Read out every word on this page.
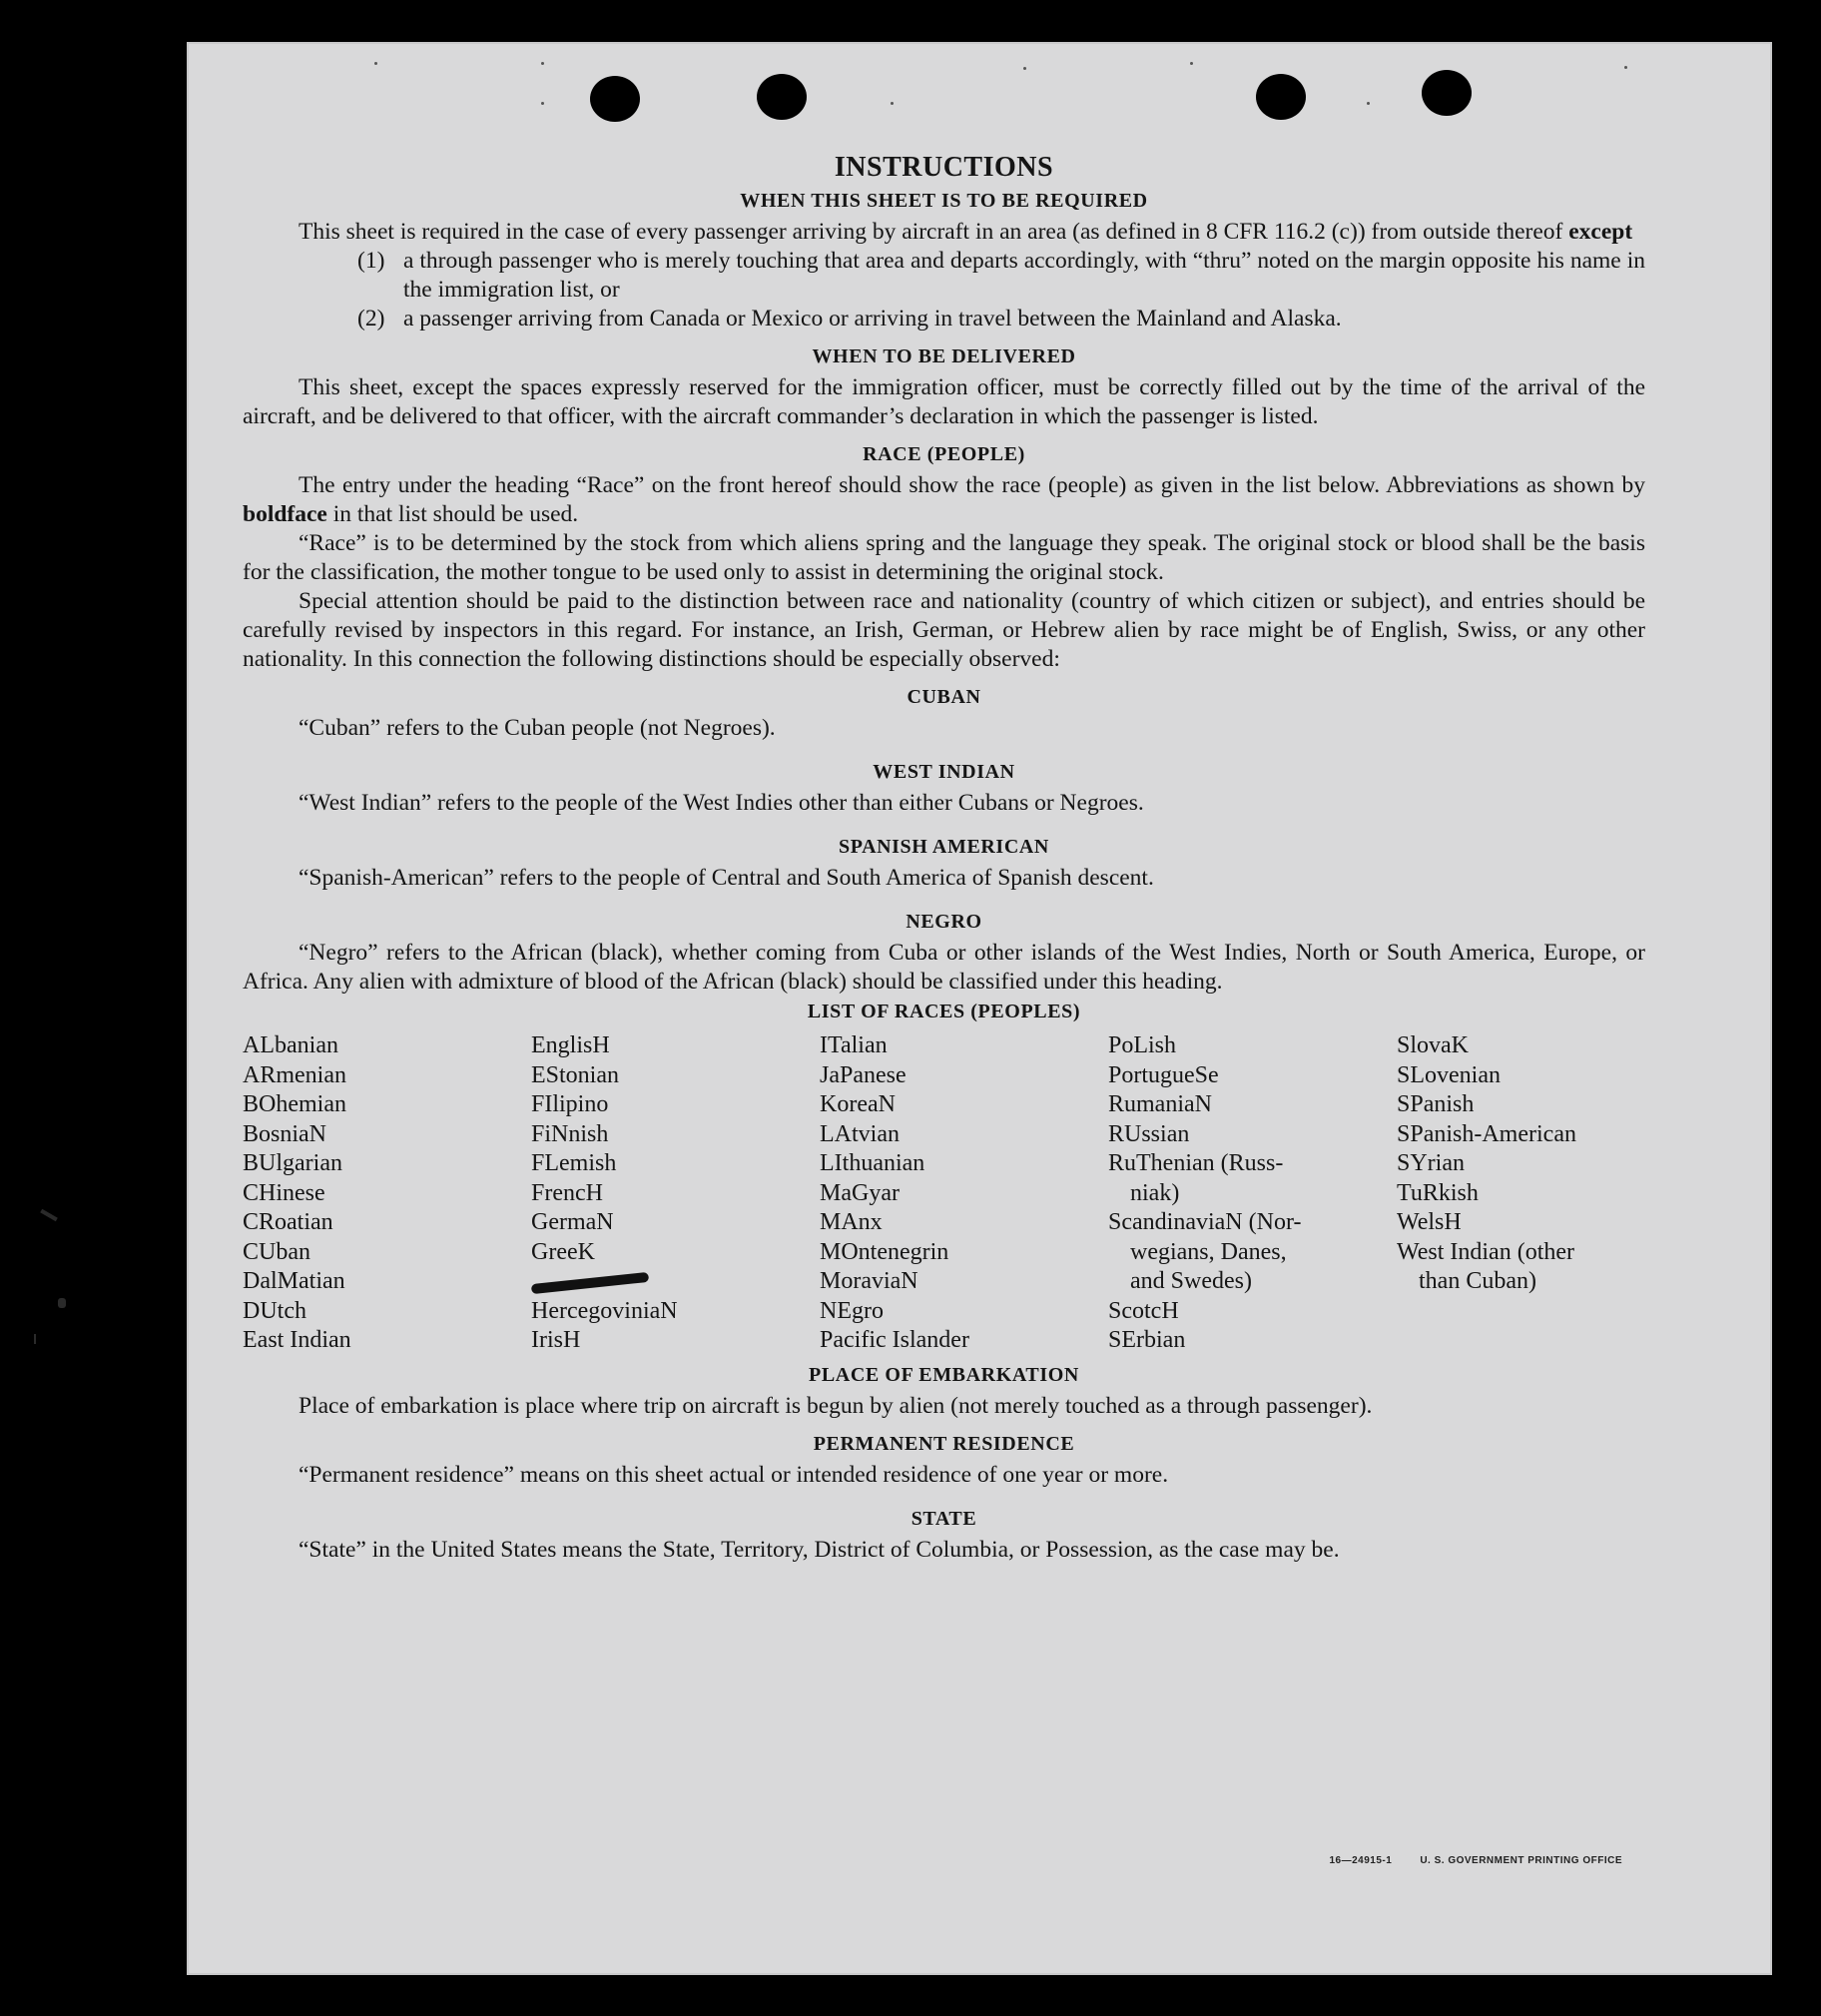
INSTRUCTIONS
WHEN THIS SHEET IS TO BE REQUIRED

This sheet is required in the case of every passenger arriving by aircraft in an area (as defined in 8 CFR 116.2 (c)) from outside thereof except

(1) a through passenger who is merely touching that area and departs accordingly, with “thru” noted on the margin opposite his name in the immigration list, or
(2) a passenger arriving from Canada or Mexico or arriving in travel between the Mainland and Alaska.
WHEN TO BE DELIVERED

This sheet, except the spaces expressly reserved for the immigration officer, must be correctly filled out by the time of the arrival of the aircraft, and be delivered to that officer, with the aircraft commander’s declaration in which the passenger is listed.

RACE (PEOPLE)

The entry under the heading “Race” on the front hereof should show the race (people) as given in the list below. Abbreviations as shown by boldface in that list should be used.

“Race” is to be determined by the stock from which aliens spring and the language they speak. The original stock or blood shall be the basis for the classification, the mother tongue to be used only to assist in determining the original stock.

Special attention should be paid to the distinction between race and nationality (country of which citizen or subject), and entries should be carefully revised by inspectors in this regard. For instance, an Irish, German, or Hebrew alien by race might be of English, Swiss, or any other nationality. In this connection the following distinctions should be especially observed:

CUBAN

“Cuban” refers to the Cuban people (not Negroes).

WEST INDIAN

“West Indian” refers to the people of the West Indies other than either Cubans or Negroes.

SPANISH AMERICAN

“Spanish-American” refers to the people of Central and South America of Spanish descent.

NEGRO

“Negro” refers to the African (black), whether coming from Cuba or other islands of the West Indies, North or South America, Europe, or Africa. Any alien with admixture of blood of the African (black) should be classified under this heading.

LIST OF RACES (PEOPLES)
ALbanian
ARmenian
BOhemian
BosniaN
BUlgarian
CHinese
CRoatian
CUban
DalMatian
DUtch
East Indian
EnglisH
EStonian
FIlipino
FiNnish
FLemish
FrencH
GermaN
GreeK
HercegoviniaN
IrisH
ITalian
JaPanese
KoreaN
LAtvian
LIthuanian
MaGyar
MAnx
MOntenegrin
MoraviaN
NEgro
Pacific Islander
PoLish
PortugueSe
RumaniaN
RUssian
RuThenian (Russ-
niak)
ScandinaviaN (Nor-
wegians, Danes,
and Swedes)
ScotcH
SErbian
SlovaK
SLovenian
SPanish
SPanish-American
SYrian
TuRkish
WelsH
West Indian (other
than Cuban)
PLACE OF EMBARKATION

Place of embarkation is place where trip on aircraft is begun by alien (not merely touched as a through passenger).

PERMANENT RESIDENCE

“Permanent residence” means on this sheet actual or intended residence of one year or more.

STATE

“State” in the United States means the State, Territory, District of Columbia, or Possession, as the case may be.

16—24915-1	U. S. GOVERNMENT PRINTING OFFICE
